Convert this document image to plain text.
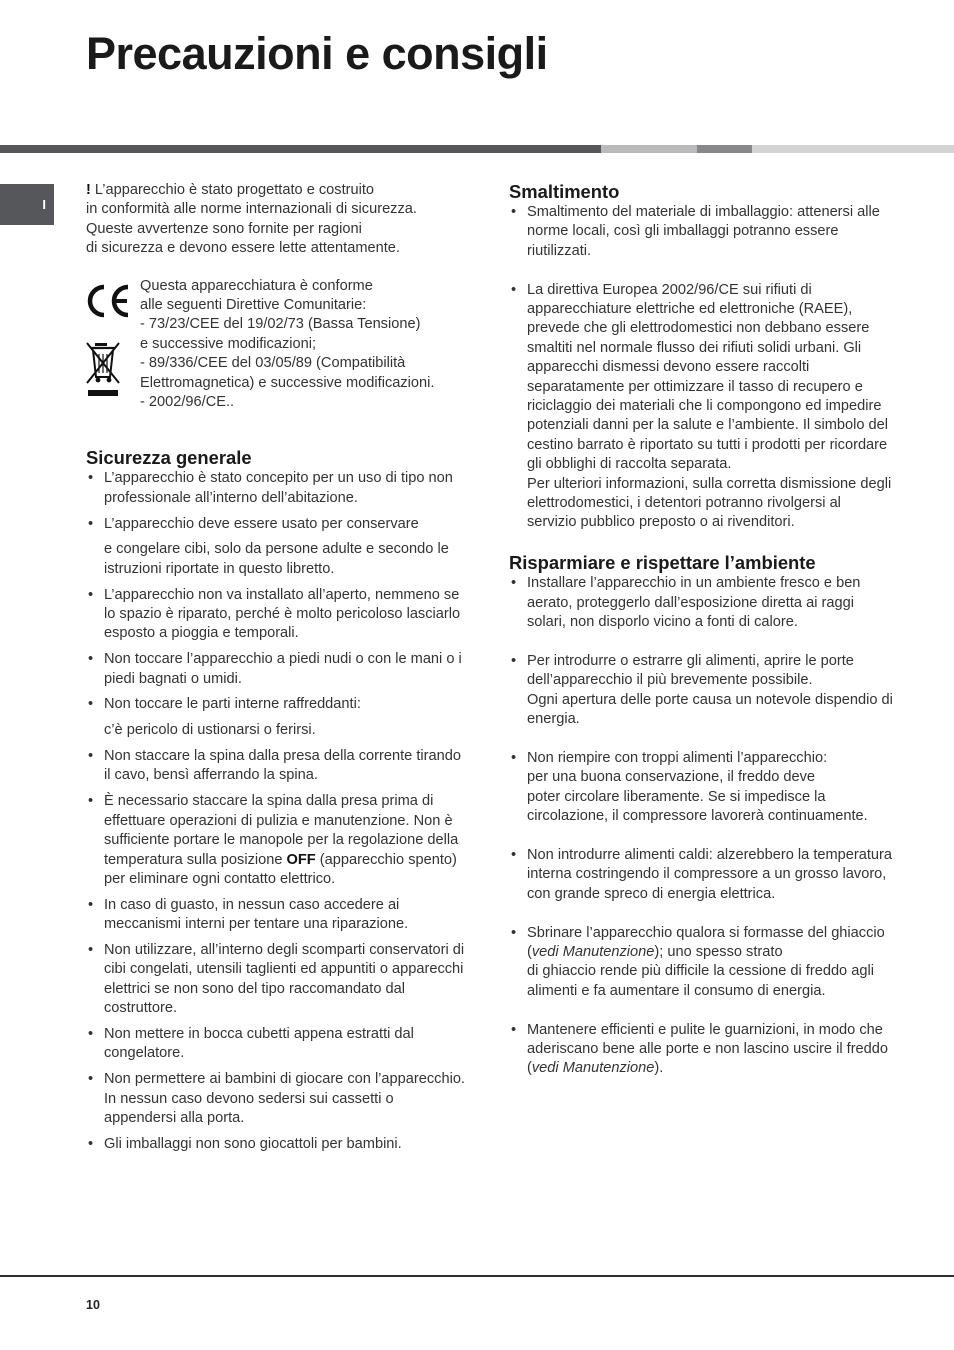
Precauzioni e consigli
I

! L’apparecchio è stato progettato e costruito
in conformità alle norme internazionali di sicurezza.
Queste avvertenze sono fornite per ragioni
di sicurezza e devono essere lette attentamente.

Questa apparecchiatura è conforme
alle seguenti Direttive Comunitarie:
- 73/23/CEE del 19/02/73 (Bassa Tensione)
e successive modificazioni;
- 89/336/CEE del 03/05/89 (Compatibilità
Elettromagnetica) e successive modificazioni.
- 2002/96/CE..

Sicurezza generale
• L’apparecchio è stato concepito per un uso di tipo non professionale all’interno dell’abitazione.
• L’apparecchio deve essere usato per conservare
e congelare cibi, solo da persone adulte e secondo le istruzioni riportate in questo libretto.
• L’apparecchio non va installato all’aperto, nemmeno se lo spazio è riparato, perché è molto pericoloso lasciarlo esposto a pioggia e temporali.
• Non toccare l’apparecchio a piedi nudi o con le mani o i piedi bagnati o umidi.
• Non toccare le parti interne raffreddanti:
c’è pericolo di ustionarsi o ferirsi.
• Non staccare la spina dalla presa della corrente tirando il cavo, bensì afferrando la spina.
• È necessario staccare la spina dalla presa prima di effettuare operazioni di pulizia e manutenzione. Non è sufficiente portare le manopole per la regolazione della temperatura sulla posizione OFF (apparecchio spento) per eliminare ogni contatto elettrico.
• In caso di guasto, in nessun caso accedere ai meccanismi interni per tentare una riparazione.
• Non utilizzare, all’interno degli scomparti conservatori di cibi congelati, utensili taglienti ed appuntiti o apparecchi elettrici se non sono del tipo raccomandato dal costruttore.
• Non mettere in bocca cubetti appena estratti dal congelatore.
• Non permettere ai bambini di giocare con l’apparecchio. In nessun caso devono sedersi sui cassetti o appendersi alla porta.
• Gli imballaggi non sono giocattoli per bambini.
Smaltimento
• Smaltimento del materiale di imballaggio: attenersi alle norme locali, così gli imballaggi potranno essere riutilizzati.
• La direttiva Europea 2002/96/CE sui rifiuti di apparecchiature elettriche ed elettroniche (RAEE), prevede che gli elettrodomestici non debbano essere smaltiti nel normale flusso dei rifiuti solidi urbani. Gli apparecchi dismessi devono essere raccolti separatamente per ottimizzare il tasso di recupero e riciclaggio dei materiali che li compongono ed impedire potenziali danni per la salute e l’ambiente. Il simbolo del cestino barrato è riportato su tutti i prodotti per ricordare gli obblighi di raccolta separata.
Per ulteriori informazioni, sulla corretta dismissione degli elettrodomestici, i detentori potranno rivolgersi al servizio pubblico preposto o ai rivenditori.
Risparmiare e rispettare l’ambiente
• Installare l’apparecchio in un ambiente fresco e ben aerato, proteggerlo dall’esposizione diretta ai raggi solari, non disporlo vicino a fonti di calore.
• Per introdurre o estrarre gli alimenti, aprire le porte dell’apparecchio il più brevemente possibile.
Ogni apertura delle porte causa un notevole dispendio di energia.
• Non riempire con troppi alimenti l’apparecchio:
per una buona conservazione, il freddo deve
poter circolare liberamente. Se si impedisce la circolazione, il compressore lavorerà continuamente.
• Non introdurre alimenti caldi: alzerebbero la temperatura interna costringendo il compressore a un grosso lavoro, con grande spreco di energia elettrica.
• Sbrinare l’apparecchio qualora si formasse del ghiaccio (vedi Manutenzione); uno spesso strato
di ghiaccio rende più difficile la cessione di freddo agli alimenti e fa aumentare il consumo di energia.
• Mantenere efficienti e pulite le guarnizioni, in modo che aderiscano bene alle porte e non lascino uscire il freddo (vedi Manutenzione).
10
